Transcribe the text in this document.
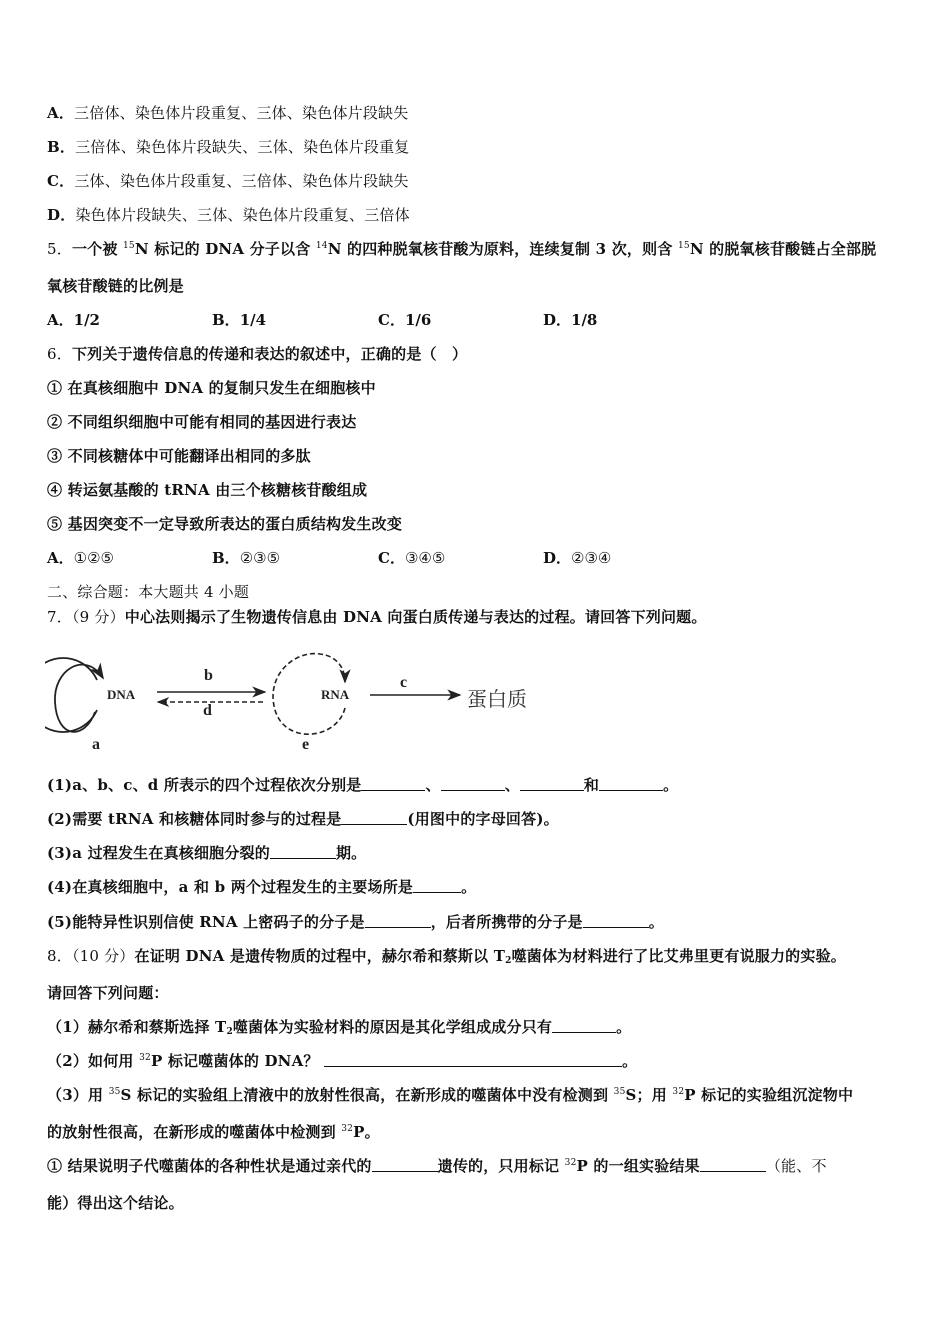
A．三倍体、染色体片段重复、三体、染色体片段缺失
B．三倍体、染色体片段缺失、三体、染色体片段重复
C．三体、染色体片段重复、三倍体、染色体片段缺失
D．染色体片段缺失、三体、染色体片段重复、三倍体
5．一个被 $^{15}$N 标记的 DNA 分子以含 $^{14}$N 的四种脱氧核苷酸为原料，连续复制 3 次，则含 $^{15}$N 的脱氧核苷酸链占全部脱
氧核苷酸链的比例是
A．1/2	B．1/4	C．1/6	D．1/8
6．下列关于遗传信息的传递和表达的叙述中，正确的是（　）
① 在真核细胞中 DNA 的复制只发生在细胞核中
② 不同组织细胞中可能有相同的基因进行表达
③ 不同核糖体中可能翻译出相同的多肽
④ 转运氨基酸的 tRNA 由三个核糖核苷酸组成
⑤ 基因突变不一定导致所表达的蛋白质结构发生改变
A．①②⑤	B．②③⑤	C．③④⑤	D．②③④
二、综合题：本大题共 4 小题
7．（9 分）中心法则揭示了生物遗传信息由 DNA 向蛋白质传递与表达的过程。请回答下列问题。
DNA	RNA	蛋白质
a
b	c
d
e
(1)a、b、c、d 所表示的四个过程依次分别是	、	、	和	。
(2)需要 tRNA 和核糖体同时参与的过程是	(用图中的字母回答)。
(3)a 过程发生在真核细胞分裂的	期。
(4)在真核细胞中，a 和 b 两个过程发生的主要场所是	。
(5)能特异性识别信使 RNA 上密码子的分子是	，后者所携带的分子是	。
8．（10 分）在证明 DNA 是遗传物质的过程中，赫尔希和蔡斯以 $T_2$噬菌体为材料进行了比艾弗里更有说服力的实验。
请回答下列问题：
（1）赫尔希和蔡斯选择 $T_2$噬菌体为实验材料的原因是其化学组成成分只有	。
（2）如何用 $^{32}$P 标记噬菌体的 DNA？	。
（3）用 $^{35}$S 标记的实验组上清液中的放射性很高，在新形成的噬菌体中没有检测到 $^{35}$S；用 $^{32}$P 标记的实验组沉淀物中
的放射性很高，在新形成的噬菌体中检测到 $^{32}$P。
① 结果说明子代噬菌体的各种性状是通过亲代的	遗传的，只用标记 $^{32}$P 的一组实验结果	（能、不
能）得出这个结论。
